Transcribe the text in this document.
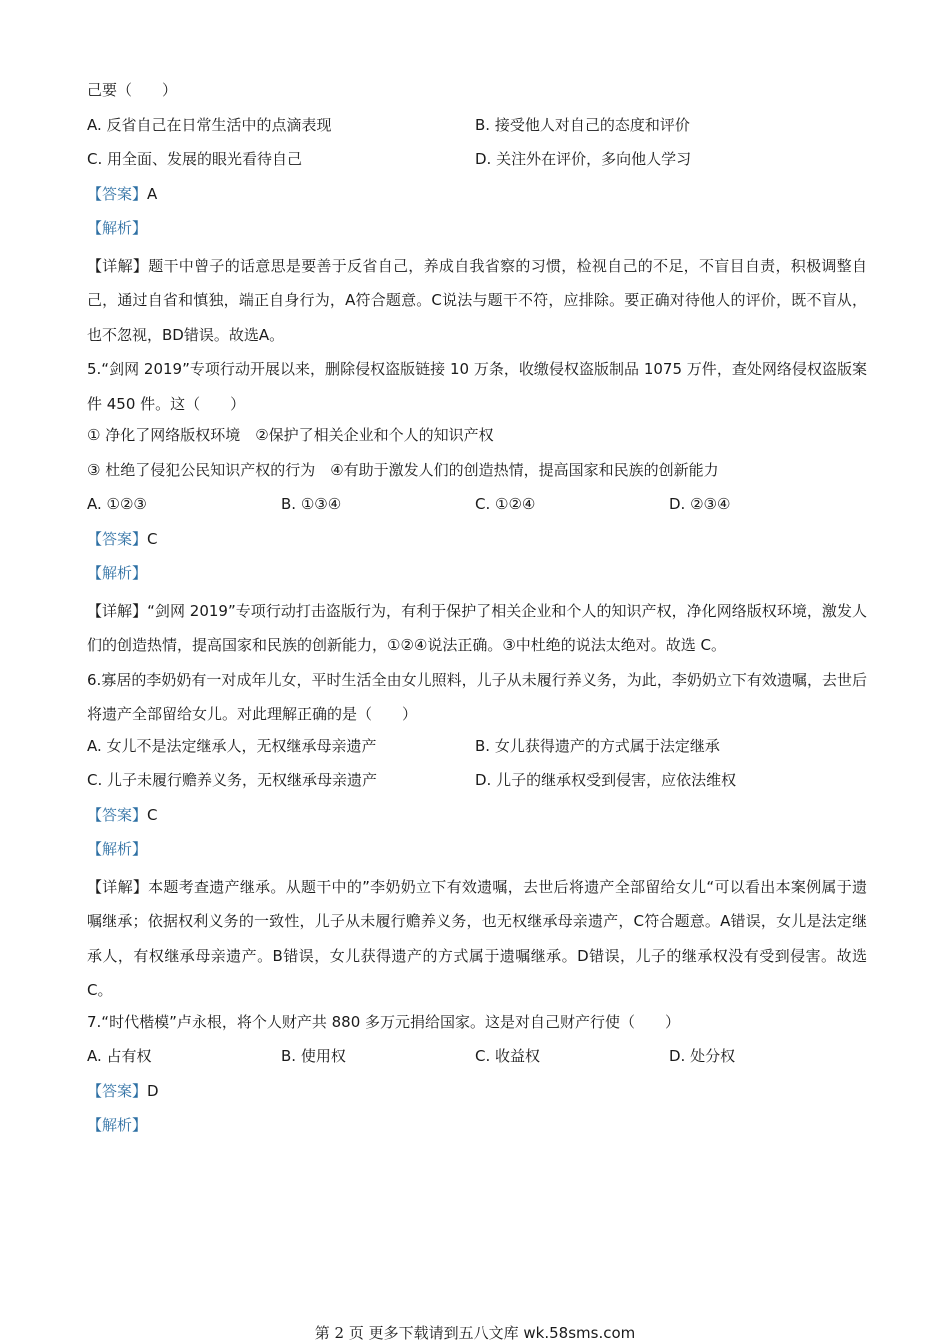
己要（　　）
A. 反省自己在日常生活中的点滴表现	B. 接受他人对自己的态度和评价
C. 用全面、发展的眼光看待自己	D. 关注外在评价，多向他人学习
【答案】A
【解析】
【详解】题干中曾子的话意思是要善于反省自己，养成自我省察的习惯，检视自己的不足，不盲目自责，积极调整自己，通过自省和慎独，端正自身行为，A符合题意。C说法与题干不符，应排除。要正确对待他人的评价，既不盲从，也不忽视，BD错误。故选A。
5.“剑网 2019”专项行动开展以来，删除侵权盗版链接 10 万条，收缴侵权盗版制品 1075 万件，查处网络侵权盗版案件 450 件。这（　　）
① 净化了网络版权环境　②保护了相关企业和个人的知识产权
③ 杜绝了侵犯公民知识产权的行为　④有助于激发人们的创造热情，提高国家和民族的创新能力
A. ①②③	B. ①③④	C. ①②④	D. ②③④
【答案】C
【解析】
【详解】“剑网 2019”专项行动打击盗版行为，有利于保护了相关企业和个人的知识产权，净化网络版权环境，激发人们的创造热情，提高国家和民族的创新能力，①②④说法正确。③中杜绝的说法太绝对。故选 C。
6.寡居的李奶奶有一对成年儿女，平时生活全由女儿照料，儿子从未履行养义务，为此，李奶奶立下有效遗嘱，去世后将遗产全部留给女儿。对此理解正确的是（　　）
A. 女儿不是法定继承人，无权继承母亲遗产	B. 女儿获得遗产的方式属于法定继承
C. 儿子未履行赡养义务，无权继承母亲遗产	D. 儿子的继承权受到侵害，应依法维权
【答案】C
【解析】
【详解】本题考查遗产继承。从题干中的”李奶奶立下有效遗嘱，去世后将遗产全部留给女儿“可以看出本案例属于遗嘱继承；依据权利义务的一致性，儿子从未履行赡养义务，也无权继承母亲遗产，C符合题意。A错误，女儿是法定继承人，有权继承母亲遗产。B错误，女儿获得遗产的方式属于遗嘱继承。D错误，儿子的继承权没有受到侵害。故选 C。
7.“时代楷模”卢永根，将个人财产共 880 多万元捐给国家。这是对自己财产行使（　　）
A. 占有权	B. 使用权	C. 收益权	D. 处分权
【答案】D
【解析】
第 2 页 更多下载请到五八文库 wk.58sms.com
